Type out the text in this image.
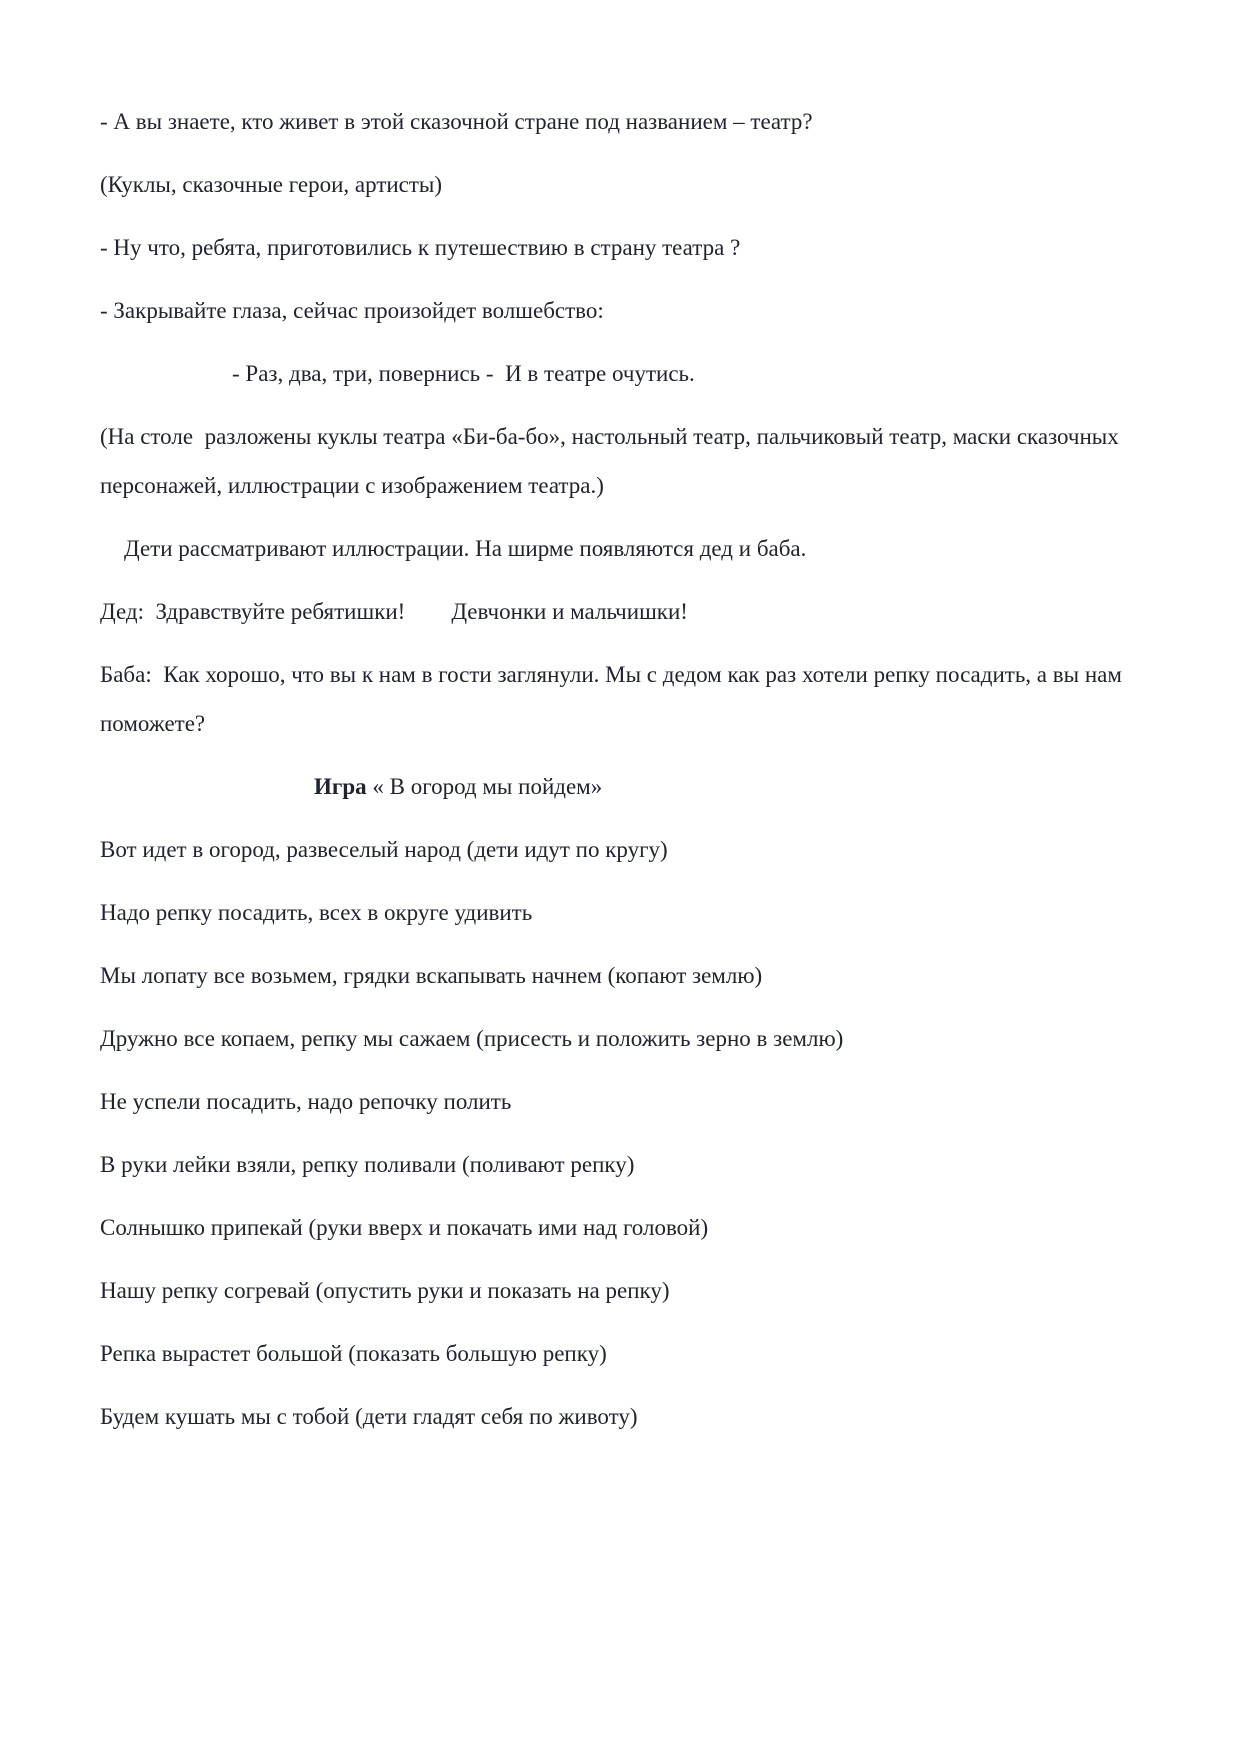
- А вы знаете, кто живет в этой сказочной стране под названием – театр?

(Куклы, сказочные герои, артисты)

- Ну что, ребята, приготовились к путешествию в страну театра ?

- Закрывайте глаза, сейчас произойдет волшебство:

- Раз, два, три, повернись -  И в театре очутись.

(На столе  разложены куклы театра «Би-ба-бо», настольный театр, пальчиковый театр, маски сказочных персонажей, иллюстрации с изображением театра.)

Дети рассматривают иллюстрации. На ширме появляются дед и баба.

Дед:  Здравствуйте ребятишки!        Девчонки и мальчишки!

Баба:  Как хорошо, что вы к нам в гости заглянули. Мы с дедом как раз хотели репку посадить, а вы нам поможете?

Игра « В огород мы пойдем»

Вот идет в огород, развеселый народ (дети идут по кругу)

Надо репку посадить, всех в округе удивить

Мы лопату все возьмем, грядки вскапывать начнем (копают землю)

Дружно все копаем, репку мы сажаем (присесть и положить зерно в землю)

Не успели посадить, надо репочку полить

В руки лейки взяли, репку поливали (поливают репку)

Солнышко припекай (руки вверх и покачать ими над головой)

Нашу репку согревай (опустить руки и показать на репку)

Репка вырастет большой (показать большую репку)

Будем кушать мы с тобой (дети гладят себя по животу)
